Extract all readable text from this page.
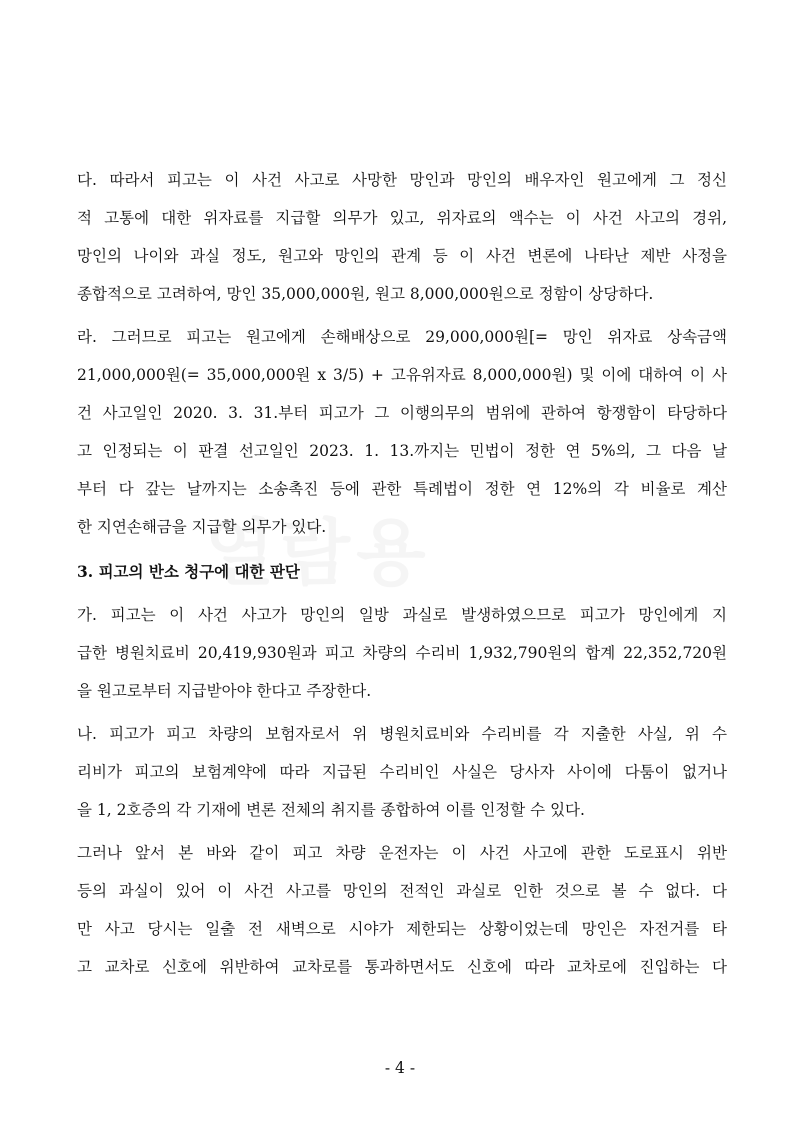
다. 따라서 피고는 이 사건 사고로 사망한 망인과 망인의 배우자인 원고에게 그 정신
적 고통에 대한 위자료를 지급할 의무가 있고, 위자료의 액수는 이 사건 사고의 경위,
망인의 나이와 과실 정도, 원고와 망인의 관계 등 이 사건 변론에 나타난 제반 사정을
종합적으로 고려하여, 망인 35,000,000원, 원고 8,000,000원으로 정함이 상당하다.
라. 그러므로 피고는 원고에게 손해배상으로 29,000,000원[= 망인 위자료 상속금액
21,000,000원(= 35,000,000원 x 3/5) + 고유위자료 8,000,000원) 및 이에 대하여 이 사
건 사고일인 2020. 3. 31.부터 피고가 그 이행의무의 범위에 관하여 항쟁함이 타당하다
고 인정되는 이 판결 선고일인 2023. 1. 13.까지는 민법이 정한 연 5%의, 그 다음 날
부터 다 갚는 날까지는 소송촉진 등에 관한 특례법이 정한 연 12%의 각 비율로 계산
한 지연손해금을 지급할 의무가 있다.
3. 피고의 반소 청구에 대한 판단
가. 피고는 이 사건 사고가 망인의 일방 과실로 발생하였으므로 피고가 망인에게 지
급한 병원치료비 20,419,930원과 피고 차량의 수리비 1,932,790원의 합계 22,352,720원
을 원고로부터 지급받아야 한다고 주장한다.
나. 피고가 피고 차량의 보험자로서 위 병원치료비와 수리비를 각 지출한 사실, 위 수
리비가 피고의 보험계약에 따라 지급된 수리비인 사실은 당사자 사이에 다툼이 없거나
을 1, 2호증의 각 기재에 변론 전체의 취지를 종합하여 이를 인정할 수 있다.
그러나 앞서 본 바와 같이 피고 차량 운전자는 이 사건 사고에 관한 도로표시 위반
등의 과실이 있어 이 사건 사고를 망인의 전적인 과실로 인한 것으로 볼 수 없다. 다
만 사고 당시는 일출 전 새벽으로 시야가 제한되는 상황이었는데 망인은 자전거를 타
고 교차로 신호에 위반하여 교차로를 통과하면서도 신호에 따라 교차로에 진입하는 다
- 4 -
